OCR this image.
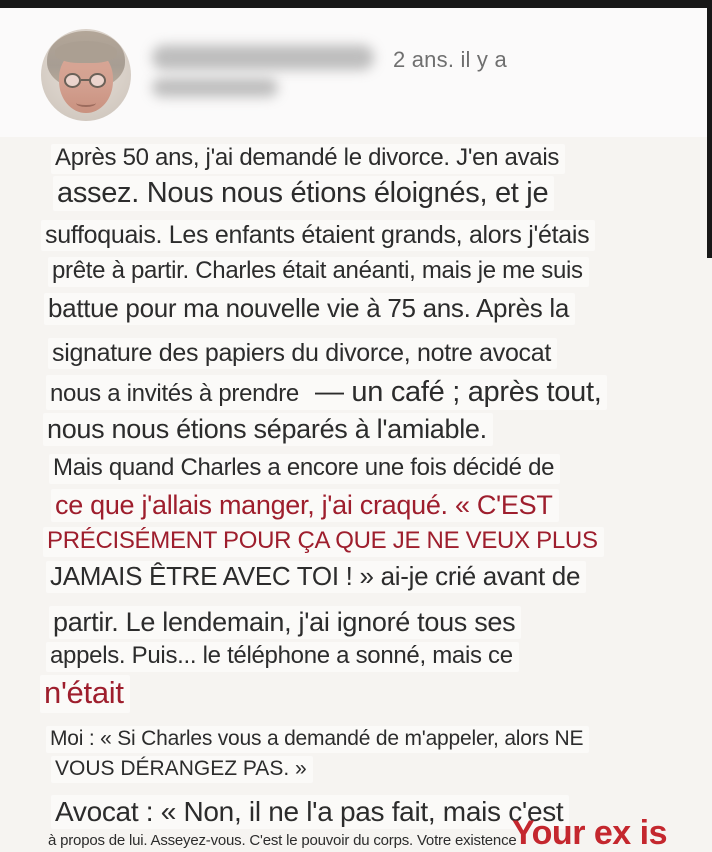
2 ans. il y a
Après 50 ans, j'ai demandé le divorce. J'en avais
assez. Nous nous étions éloignés, et je
suffoquais. Les enfants étaient grands, alors j'étais
prête à partir. Charles était anéanti, mais je me suis
battue pour ma nouvelle vie à 75 ans. Après la
signature des papiers du divorce, notre avocat
nous a invités à prendre — un café ; après tout,
nous nous étions séparés à l'amiable.
Mais quand Charles a encore une fois décidé de
ce que j'allais manger, j'ai craqué. « C'EST
PRÉCISÉMENT POUR ÇA QUE JE NE VEUX PLUS
JAMAIS ÊTRE AVEC TOI ! » ai-je crié avant de
partir. Le lendemain, j'ai ignoré tous ses
appels. Puis... le téléphone a sonné, mais ce
n'était
Moi : « Si Charles vous a demandé de m'appeler, alors NE
VOUS DÉRANGEZ PAS. »
Avocat : « Non, il ne l'a pas fait, mais c'est
à propos de lui. Asseyez-vous. C'est le pouvoir du corps. Votre existence
Your ex is
